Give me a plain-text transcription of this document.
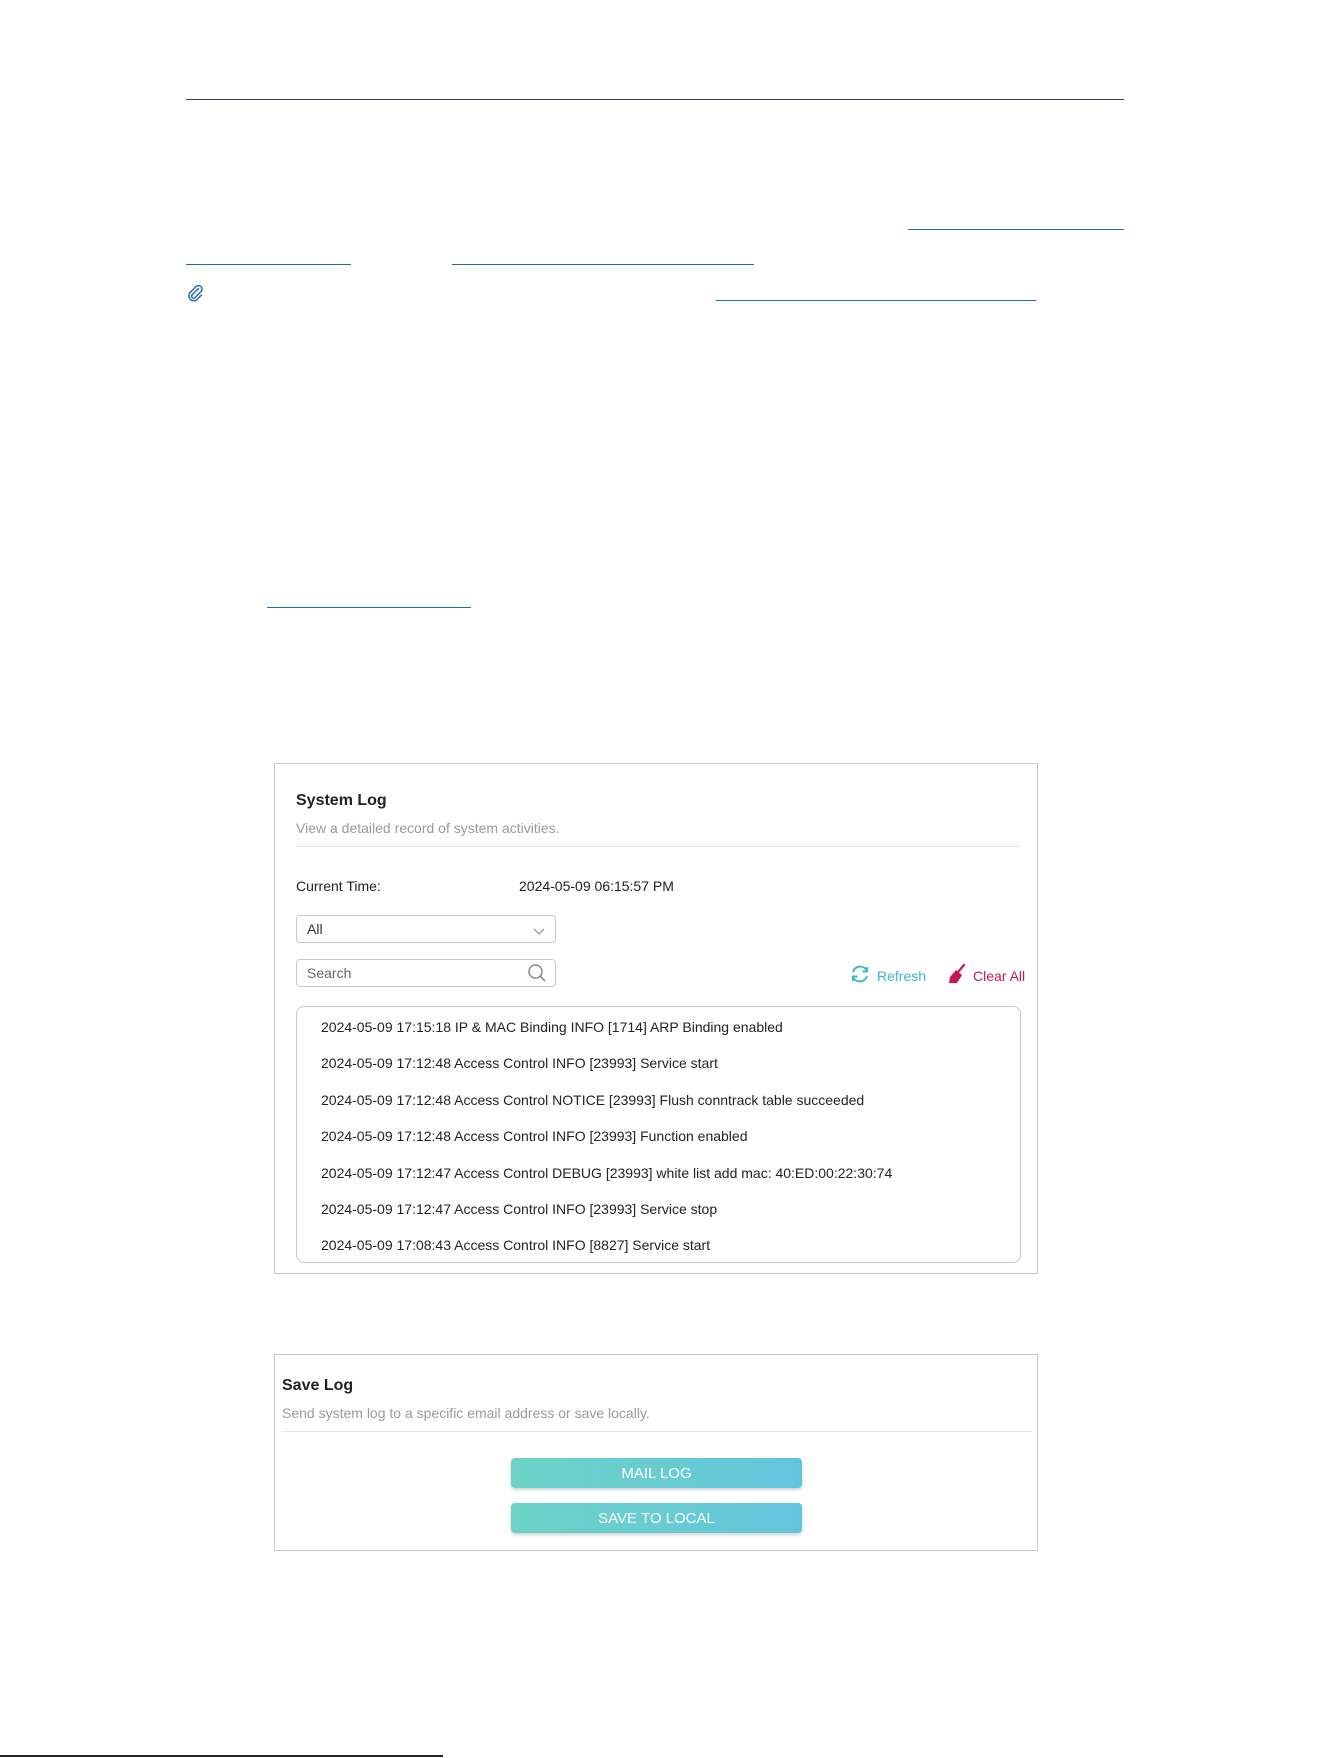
System Log
View a detailed record of system activities.
Current Time:	2024-05-09 06:15:57 PM
All
Search
Refresh	Clear All
2024-05-09 17:15:18 IP & MAC Binding INFO [1714] ARP Binding enabled
2024-05-09 17:12:48 Access Control INFO [23993] Service start
2024-05-09 17:12:48 Access Control NOTICE [23993] Flush conntrack table succeeded
2024-05-09 17:12:48 Access Control INFO [23993] Function enabled
2024-05-09 17:12:47 Access Control DEBUG [23993] white list add mac: 40:ED:00:22:30:74
2024-05-09 17:12:47 Access Control INFO [23993] Service stop
2024-05-09 17:08:43 Access Control INFO [8827] Service start
Save Log
Send system log to a specific email address or save locally.
MAIL LOG
SAVE TO LOCAL
